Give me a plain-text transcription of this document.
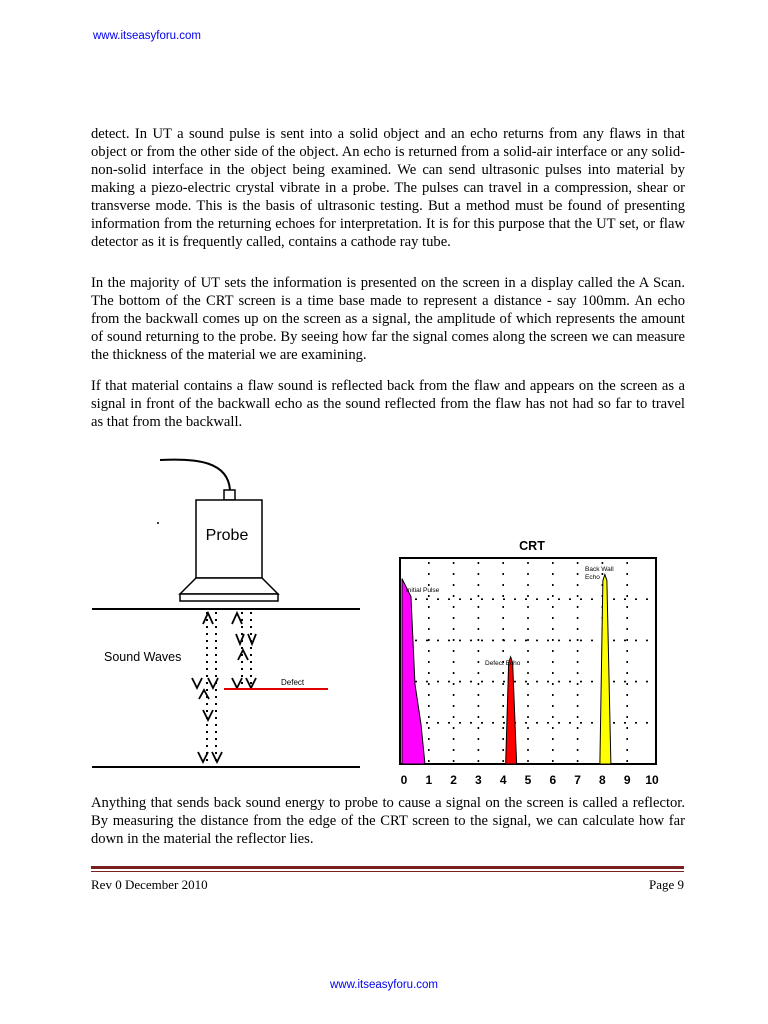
www.itseasyforu.com

detect. In UT a sound pulse is sent into a solid object and an echo returns from any flaws in that object or from the other side of the object. An echo is returned from a solid-air interface or any solid-non-solid interface in the object being examined. We can send ultrasonic pulses into material by making a piezo-electric crystal vibrate in a probe. The pulses can travel in a compression, shear or transverse mode. This is the basis of ultrasonic testing. But a method must be found of presenting information from the returning echoes for interpretation. It is for this purpose that the UT set, or flaw detector as it is frequently called, contains a cathode ray tube.

In the majority of UT sets the information is presented on the screen in a display called the A Scan. The bottom of the CRT screen is a time base made to represent a distance - say 100mm. An echo from the backwall comes up on the screen as a signal, the amplitude of which represents the amount of sound returning to the probe. By seeing how far the signal comes along the screen we can measure the thickness of the material we are examining.

If that material contains a flaw sound is reflected back from the flaw and appears on the screen as a signal in front of the backwall echo as the sound reflected from the flaw has not had so far to travel as that from the backwall.

Probe
Sound Waves
Defect
CRT
Initial Pulse
Defect Echo
Back Wall
Echo
0 1 2 3 4 5 6 7 8 9 10

Anything that sends back sound energy to probe to cause a signal on the screen is called a reflector. By measuring the distance from the edge of the CRT screen to the signal, we can calculate how far down in the material the reflector lies.

Rev 0 December 2010	Page 9
www.itseasyforu.com
